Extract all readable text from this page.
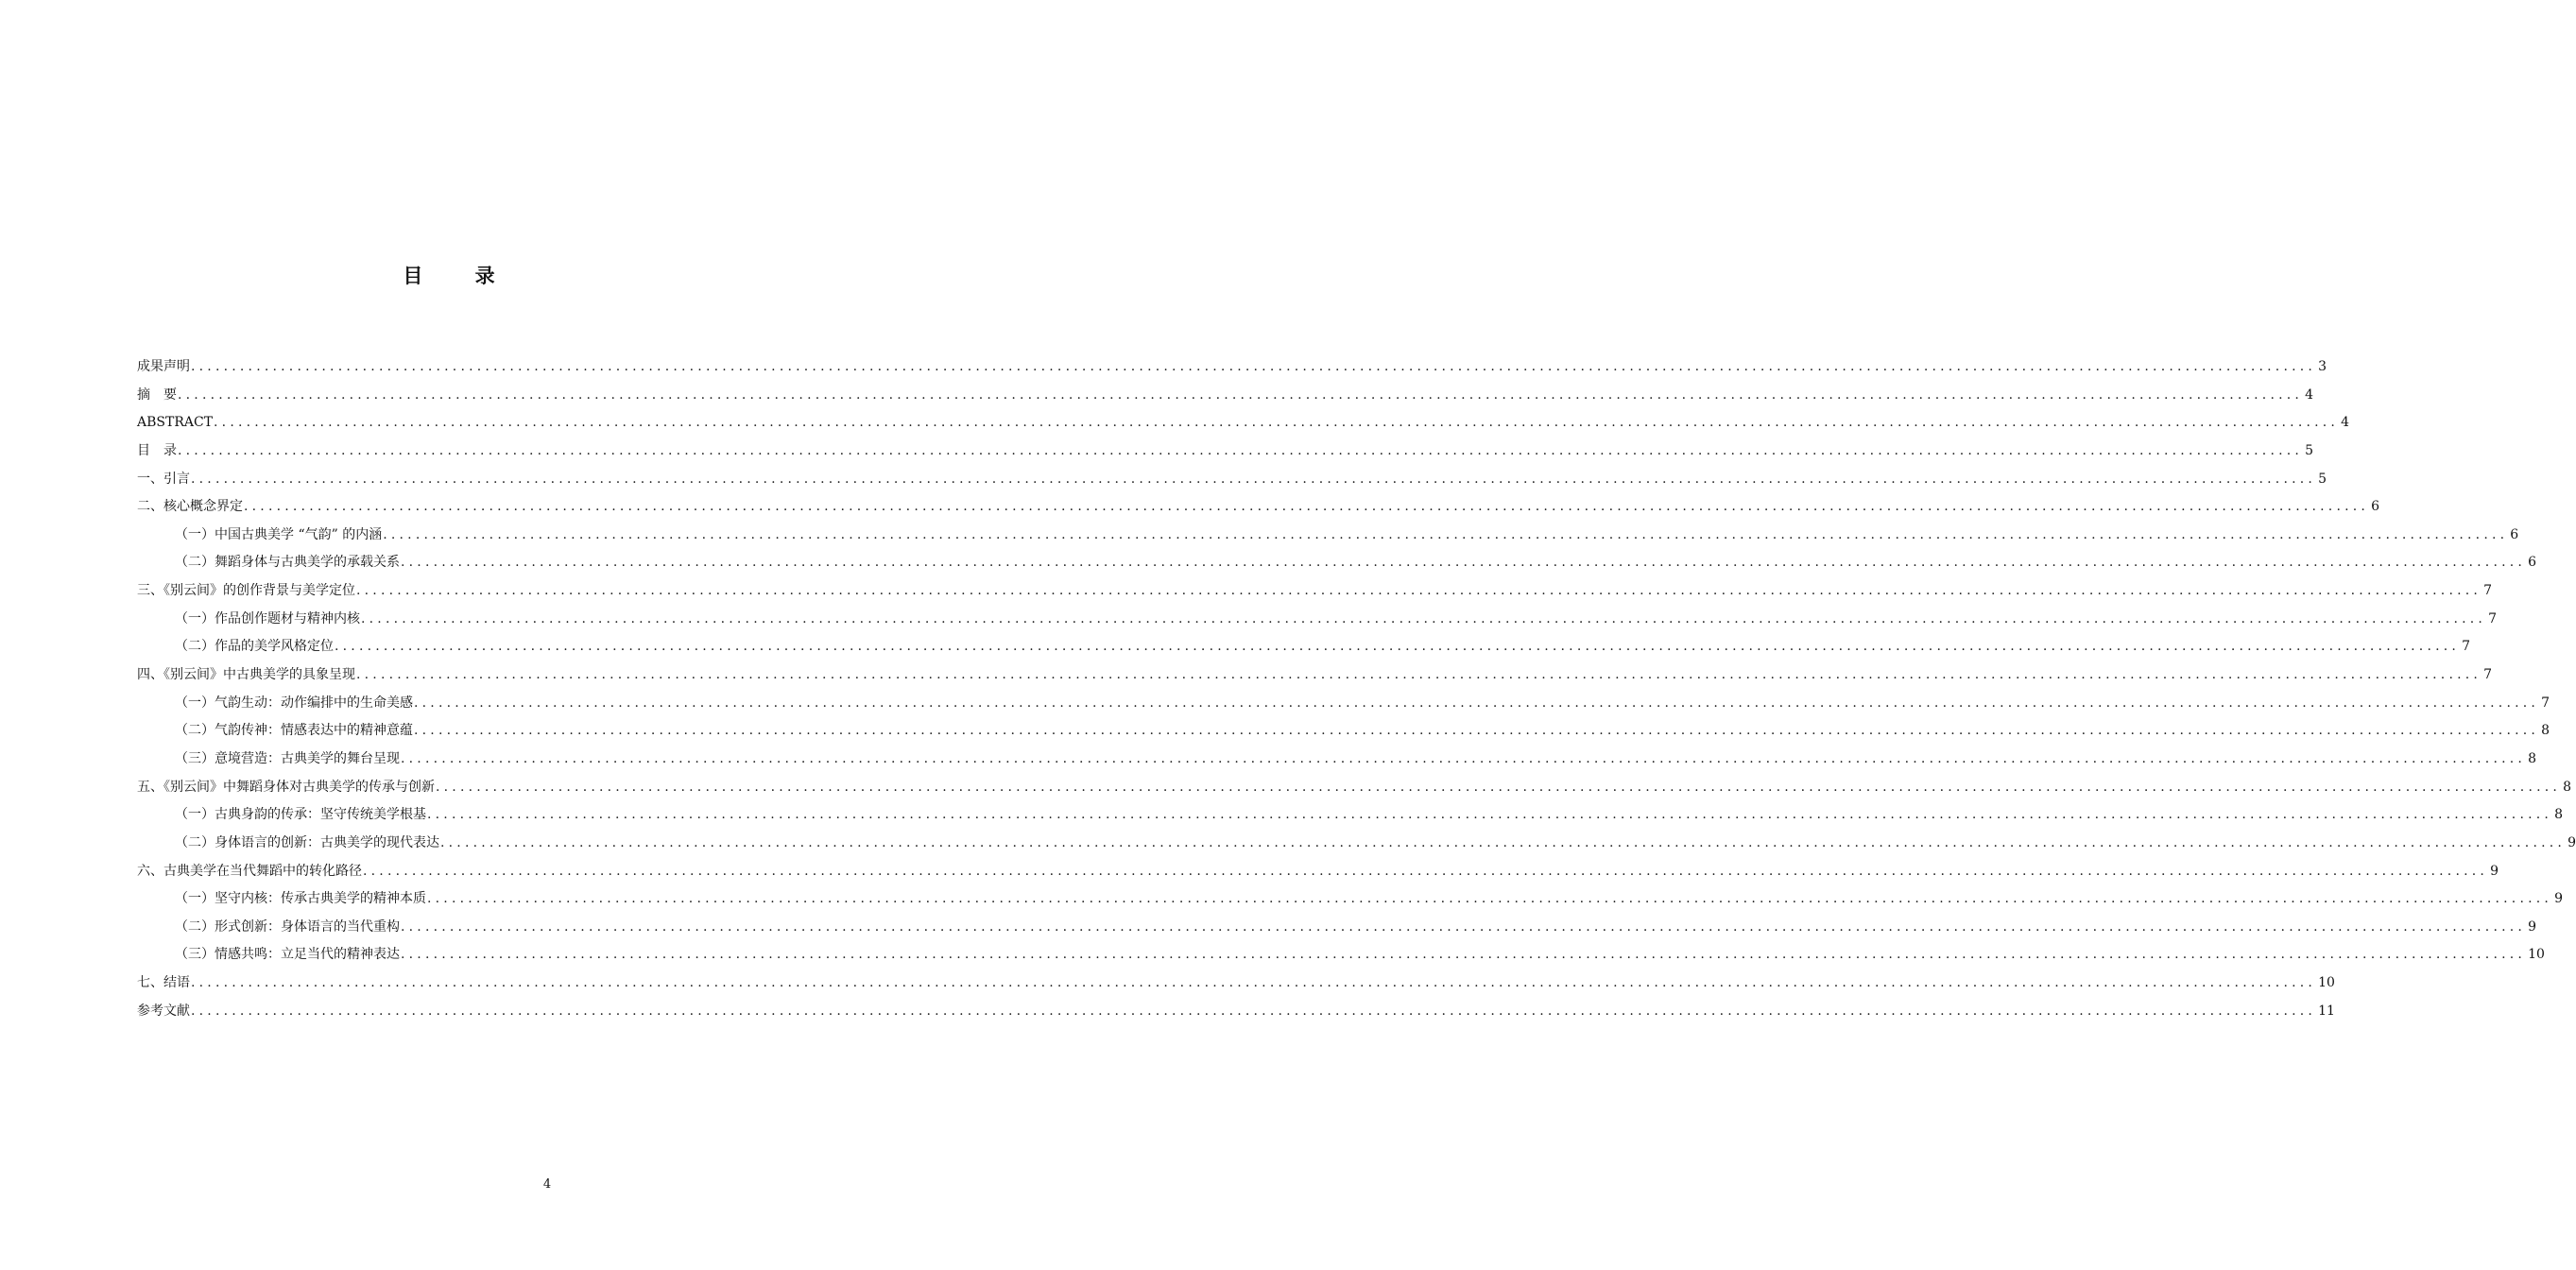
目 录
成果声明 .................................................................................................................................................................................................................................................................... 3
摘　要 .................................................................................................................................................................................................................................................................... 4
ABSTRACT .................................................................................................................................................................................................................................................................... 4
目　录 .................................................................................................................................................................................................................................................................... 5
一、引言 .................................................................................................................................................................................................................................................................... 5
二、核心概念界定 .................................................................................................................................................................................................................................................................... 6
（一）中国古典美学 “气韵” 的内涵 .................................................................................................................................................................................................................................................................... 6
（二）舞蹈身体与古典美学的承载关系 .................................................................................................................................................................................................................................................................... 6
三、《别云间》的创作背景与美学定位 .................................................................................................................................................................................................................................................................... 7
（一）作品创作题材与精神内核 .................................................................................................................................................................................................................................................................... 7
（二）作品的美学风格定位 .................................................................................................................................................................................................................................................................... 7
四、《别云间》中古典美学的具象呈现 .................................................................................................................................................................................................................................................................... 7
（一）气韵生动：动作编排中的生命美感 .................................................................................................................................................................................................................................................................... 7
（二）气韵传神：情感表达中的精神意蕴 .................................................................................................................................................................................................................................................................... 8
（三）意境营造：古典美学的舞台呈现 .................................................................................................................................................................................................................................................................... 8
五、《别云间》中舞蹈身体对古典美学的传承与创新 .................................................................................................................................................................................................................................................................... 8
（一）古典身韵的传承：坚守传统美学根基 .................................................................................................................................................................................................................................................................... 8
（二）身体语言的创新：古典美学的现代表达 .................................................................................................................................................................................................................................................................... 9
六、古典美学在当代舞蹈中的转化路径 .................................................................................................................................................................................................................................................................... 9
（一）坚守内核：传承古典美学的精神本质 .................................................................................................................................................................................................................................................................... 9
（二）形式创新：身体语言的当代重构 .................................................................................................................................................................................................................................................................... 9
（三）情感共鸣：立足当代的精神表达 .................................................................................................................................................................................................................................................................... 10
七、结语 .................................................................................................................................................................................................................................................................... 10
参考文献 .................................................................................................................................................................................................................................................................... 11
4
